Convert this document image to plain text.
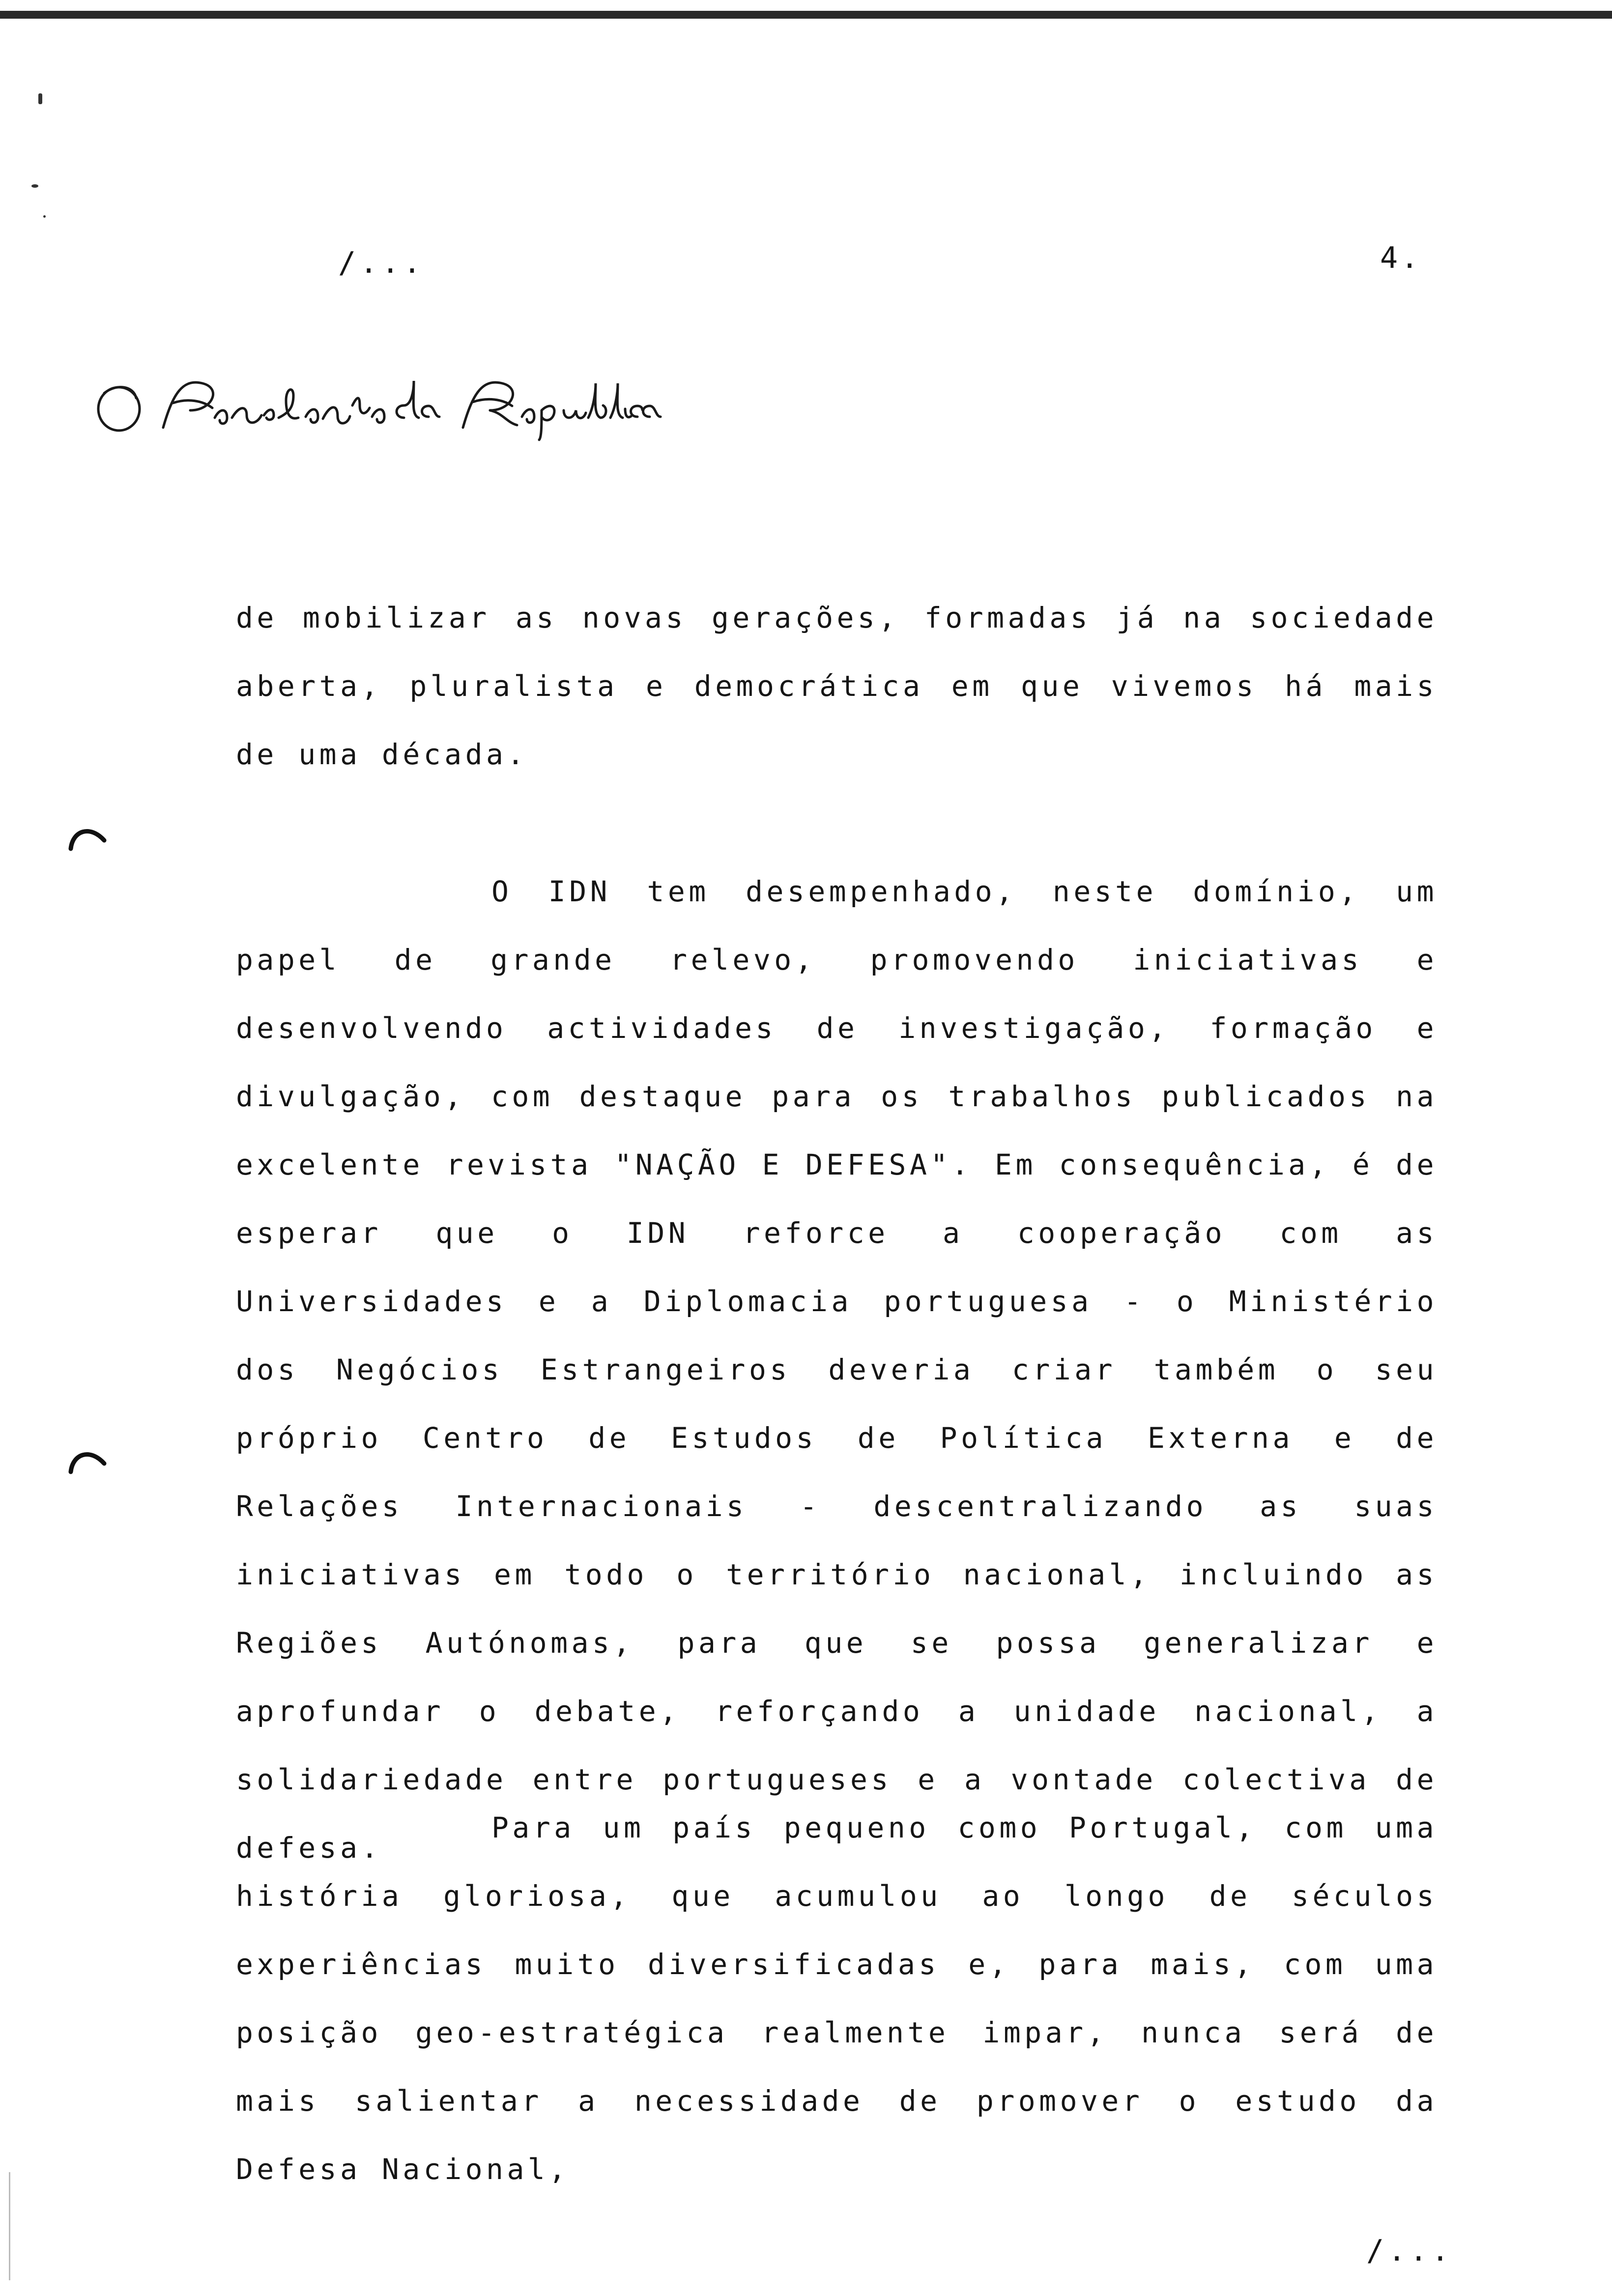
/...	4.

de mobilizar as novas gerações, formadas já na sociedade aberta, pluralista e democrática em que vivemos há mais de uma década.

O IDN tem desempenhado, neste domínio, um papel de grande relevo, promovendo iniciativas e desenvolvendo actividades de investigação, formação e divulgação, com destaque para os trabalhos publicados na excelente revista "NAÇÃO E DEFESA". Em consequência, é de esperar que o IDN reforce a cooperação com as Universidades e a Diplomacia portuguesa - o Ministério dos Negócios Estrangeiros deveria criar também o seu próprio Centro de Estudos de Política Externa e de Relações Internacionais - descentralizando as suas iniciativas em todo o território nacional, incluindo as Regiões Autónomas, para que se possa generalizar e aprofundar o debate, reforçando a unidade nacional, a solidariedade entre portugueses e a vontade colectiva de defesa.

Para um país pequeno como Portugal, com uma história gloriosa, que acumulou ao longo de séculos experiências muito diversificadas e, para mais, com uma posição geo-estratégica realmente impar, nunca será de mais salientar a necessidade de promover o estudo da Defesa Nacional,

/...
